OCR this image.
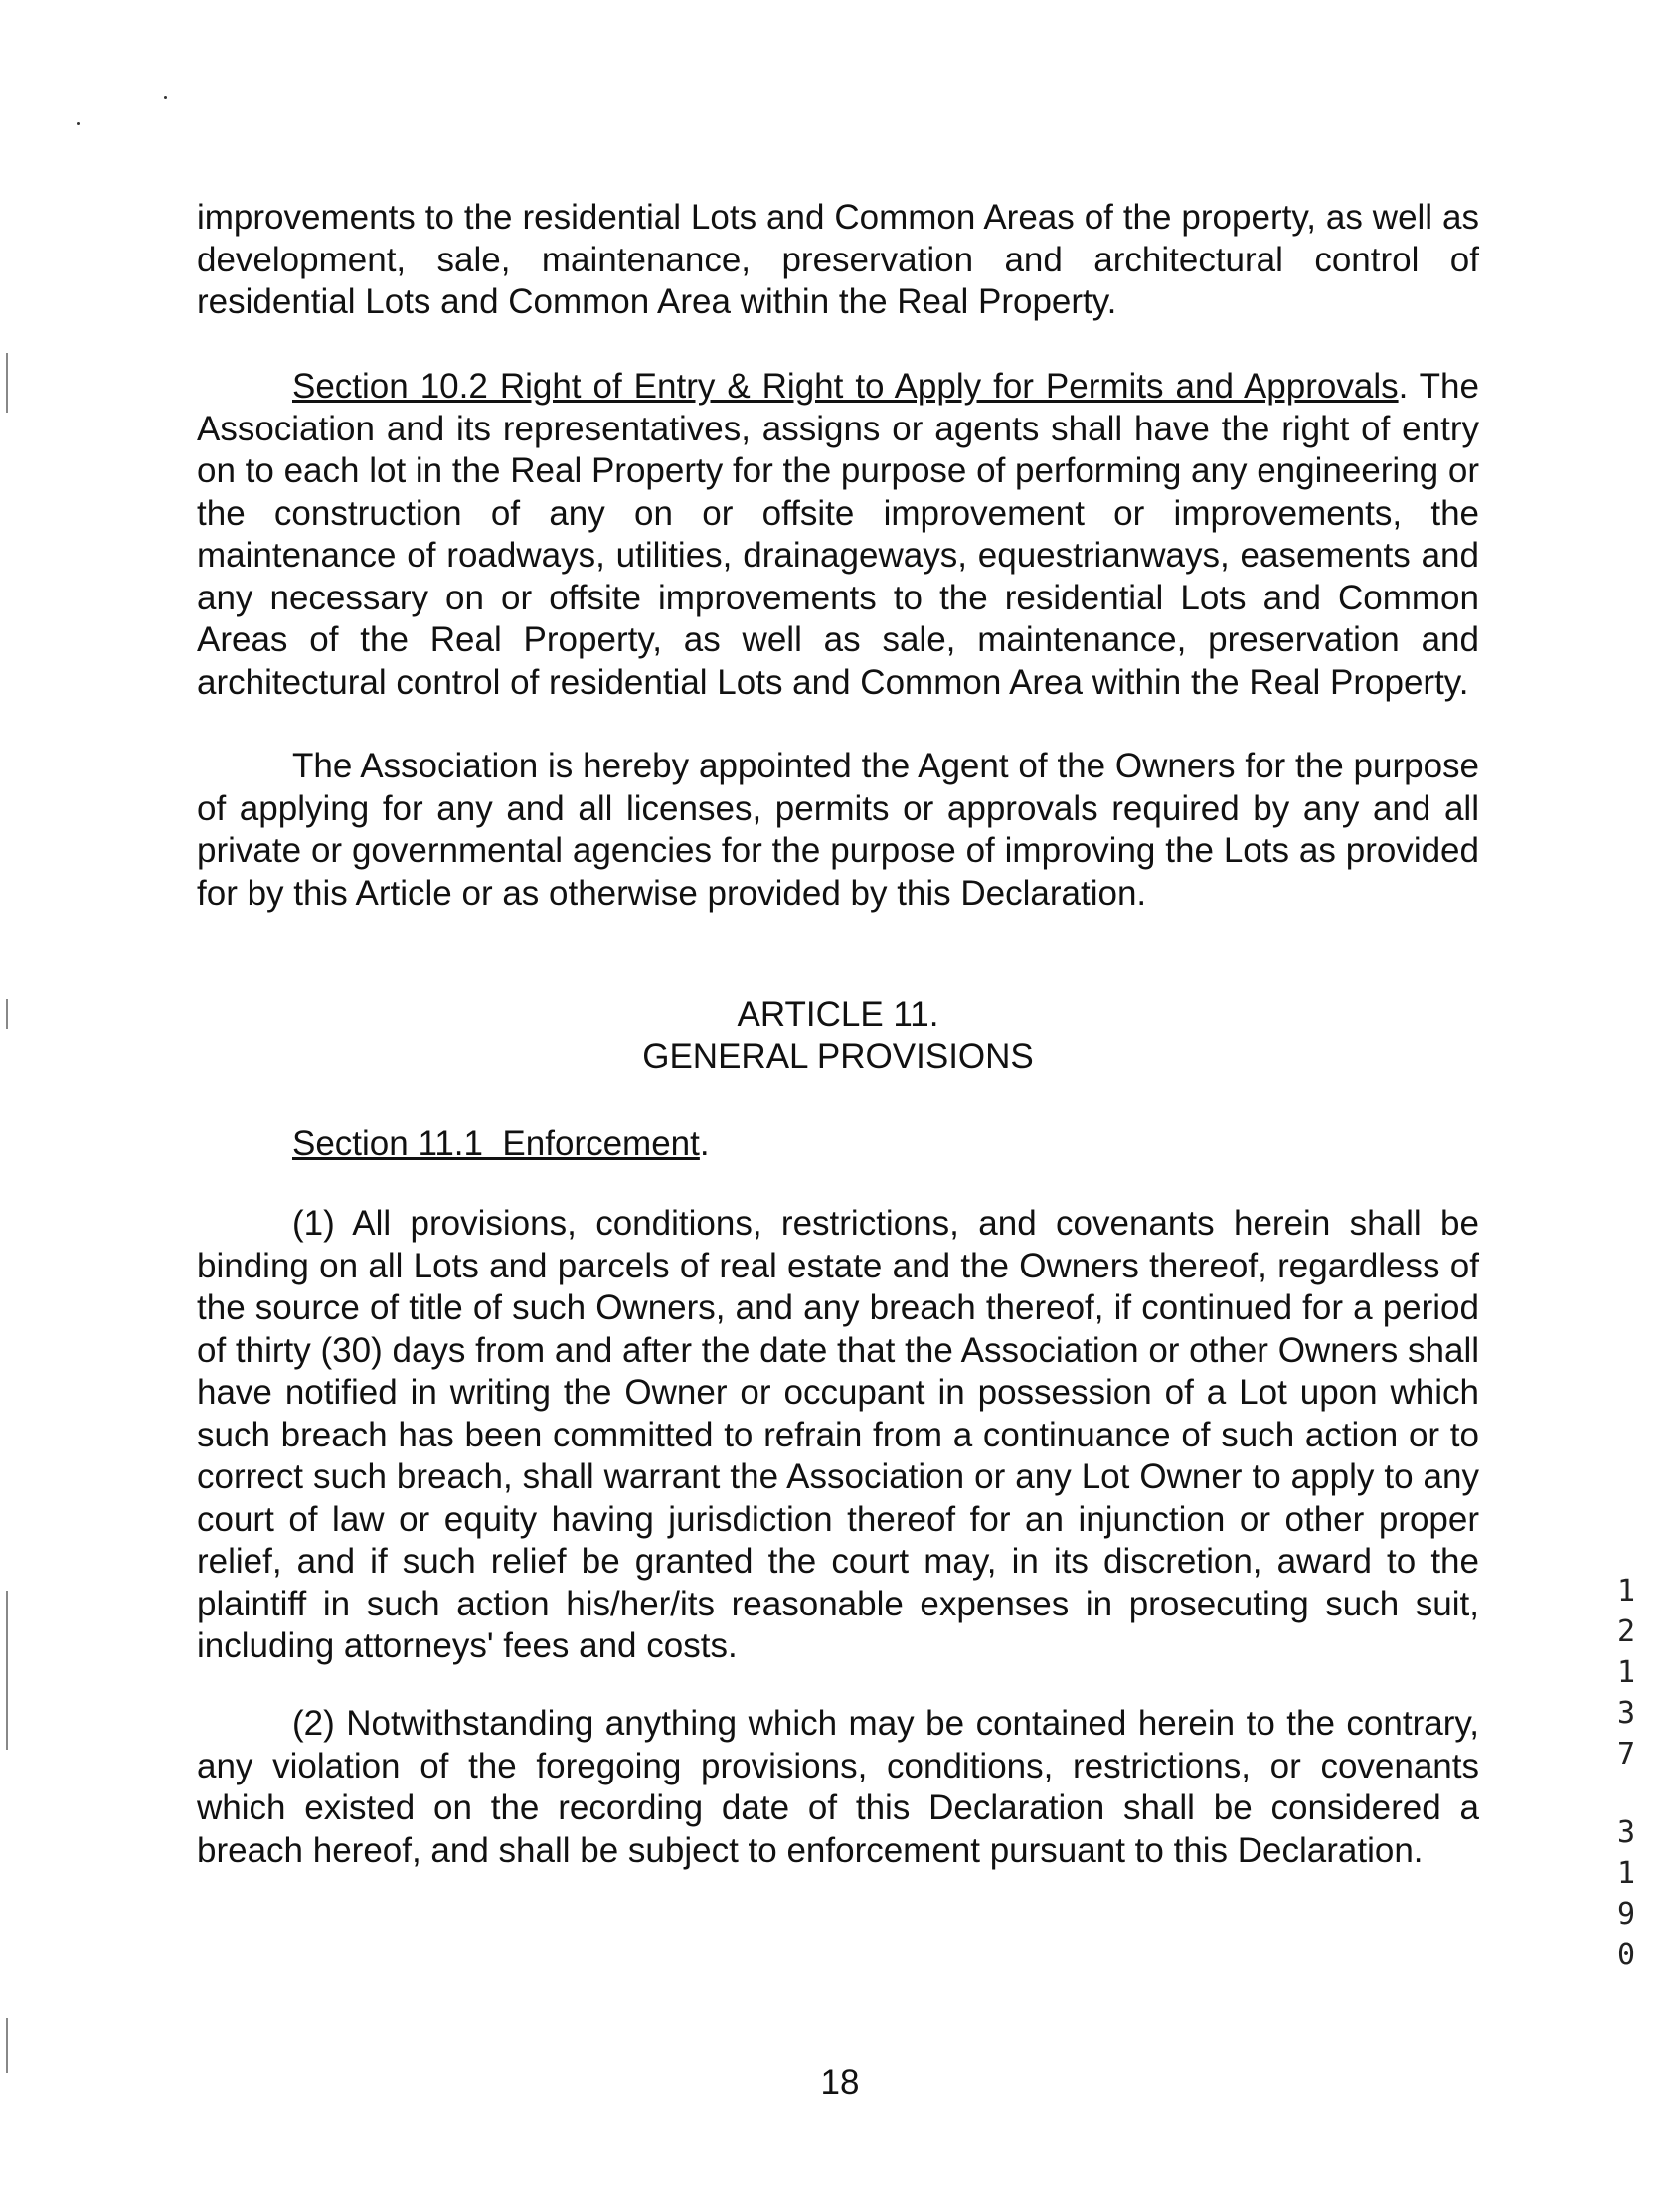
improvements to the residential Lots and Common Areas of the property, as well as development, sale, maintenance, preservation and architectural control of residential Lots and Common Area within the Real Property.

Section 10.2 Right of Entry & Right to Apply for Permits and Approvals. The Association and its representatives, assigns or agents shall have the right of entry on to each lot in the Real Property for the purpose of performing any engineering or the construction of any on or offsite improvement or improvements, the maintenance of roadways, utilities, drainageways, equestrianways, easements and any necessary on or offsite improvements to the residential Lots and Common Areas of the Real Property, as well as sale, maintenance, preservation and architectural control of residential Lots and Common Area within the Real Property.

The Association is hereby appointed the Agent of the Owners for the purpose of applying for any and all licenses, permits or approvals required by any and all private or governmental agencies for the purpose of improving the Lots as provided for by this Article or as otherwise provided by this Declaration.

ARTICLE 11.
GENERAL PROVISIONS

Section 11.1  Enforcement.

(1) All provisions, conditions, restrictions, and covenants herein shall be binding on all Lots and parcels of real estate and the Owners thereof, regardless of the source of title of such Owners, and any breach thereof, if continued for a period of thirty (30) days from and after the date that the Association or other Owners shall have notified in writing the Owner or occupant in possession of a Lot upon which such breach has been committed to refrain from a continuance of such action or to correct such breach, shall warrant the Association or any Lot Owner to apply to any court of law or equity having jurisdiction thereof for an injunction or other proper relief, and if such relief be granted the court may, in its discretion, award to the plaintiff in such action his/her/its reasonable expenses in prosecuting such suit, including attorneys' fees and costs.

(2) Notwithstanding anything which may be contained herein to the contrary, any violation of the foregoing provisions, conditions, restrictions, or covenants which existed on the recording date of this Declaration shall be considered a breach hereof, and shall be subject to enforcement pursuant to this Declaration.

18
1
2
1
3
7
3
1
9
0
